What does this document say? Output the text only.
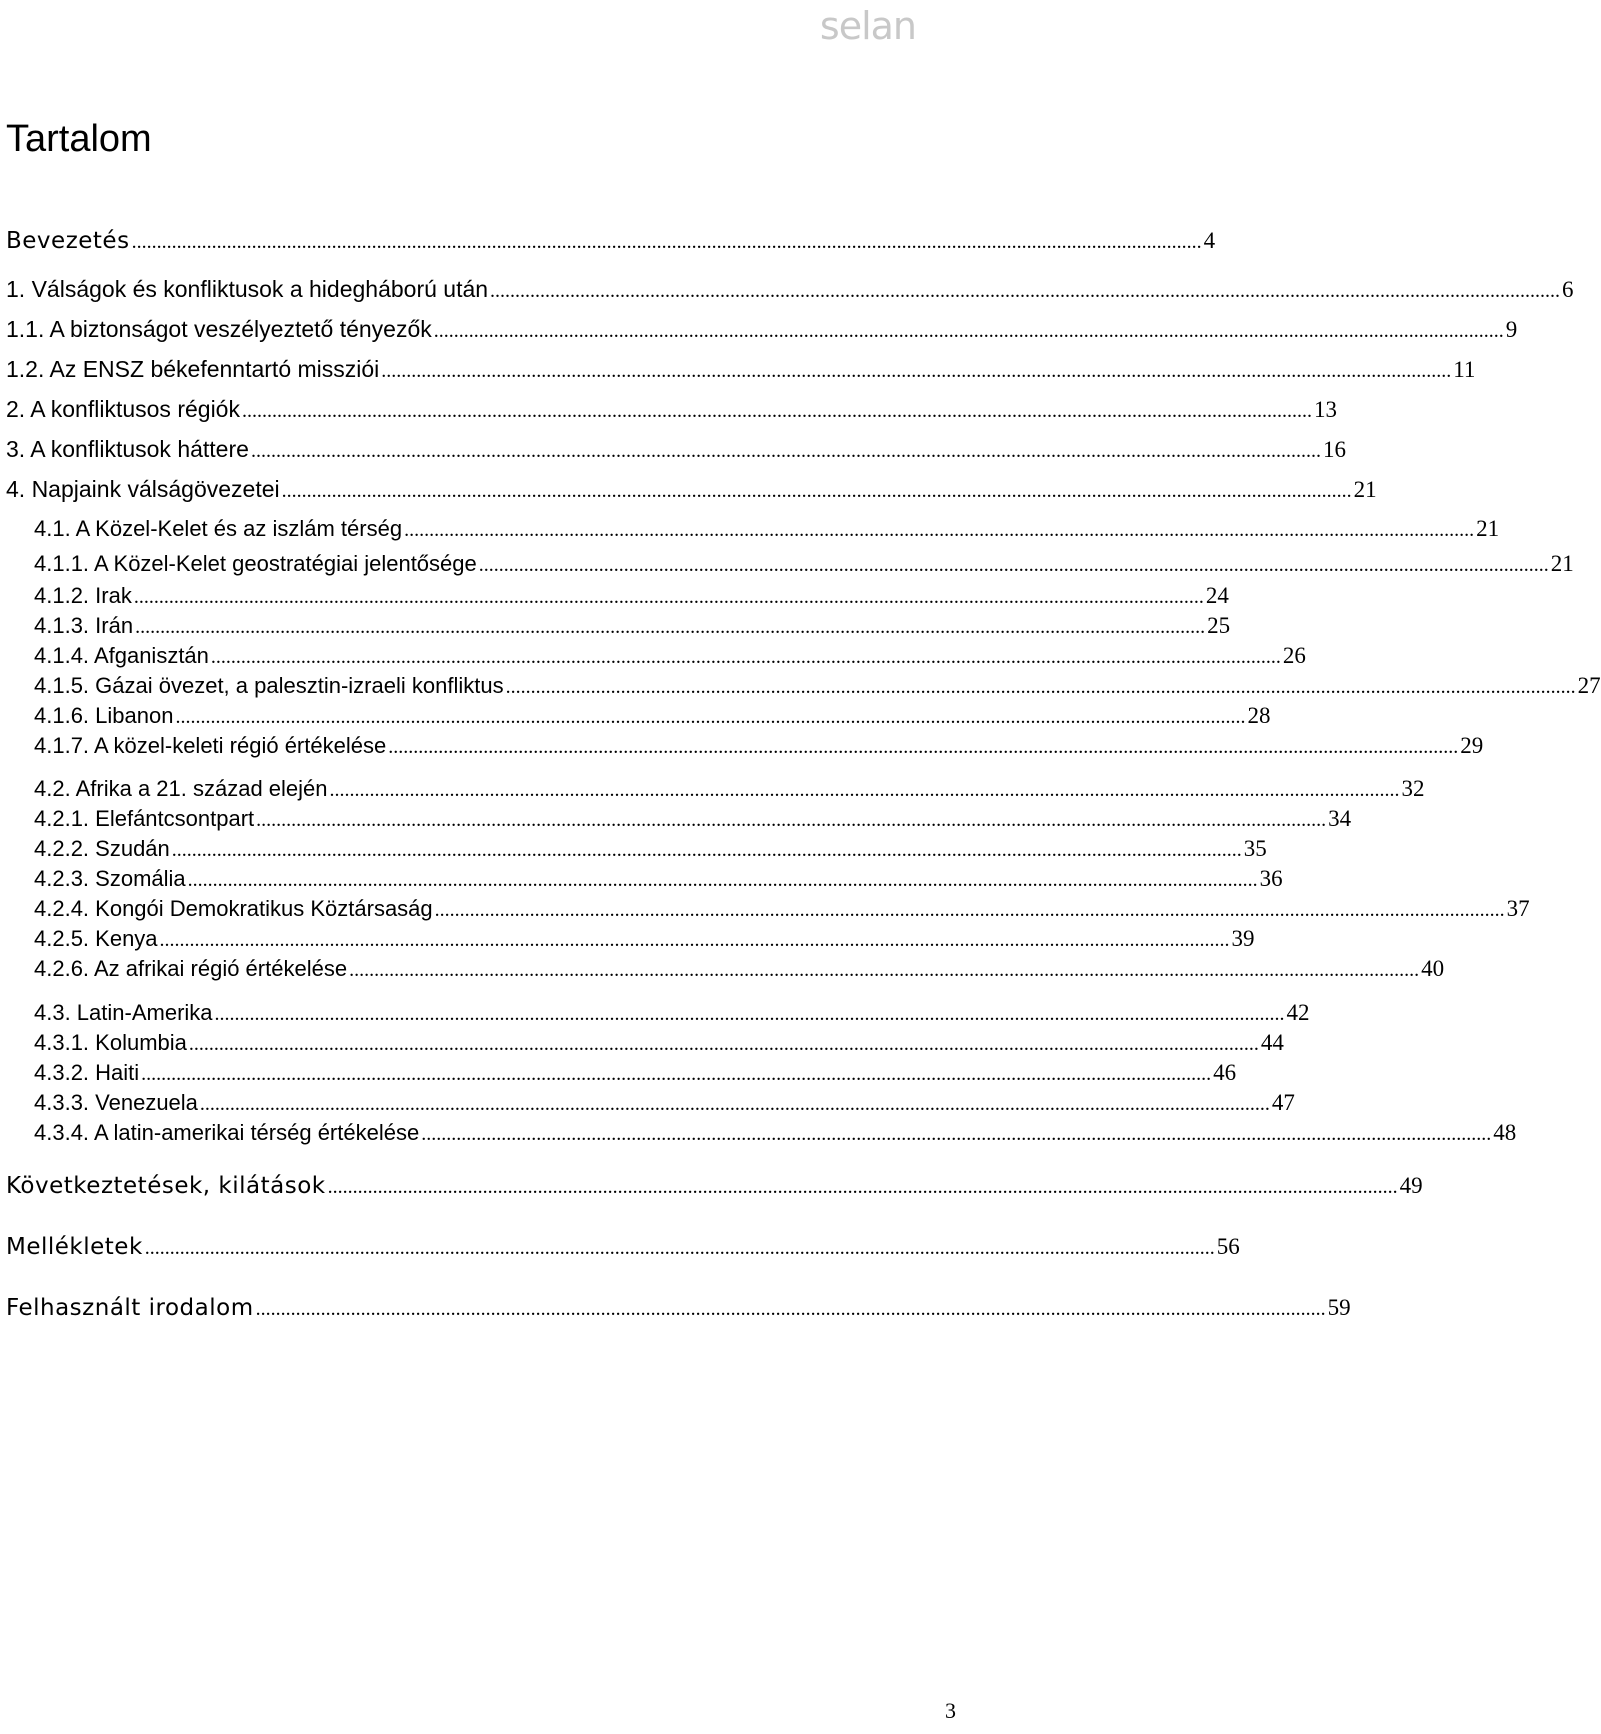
selan
Tartalom
Bevezetés .....	4
1. Válságok és konfliktusok a hidegháború után .....	6
1.1. A biztonságot veszélyeztető tényezők .....	9
1.2. Az ENSZ békefenntartó missziói .....	11
2. A konfliktusos régiók .....	13
3. A konfliktusok háttere .....	16
4. Napjaink válságövezetei .....	21
4.1. A Közel-Kelet és az iszlám térség .....	21
4.1.1. A Közel-Kelet geostratégiai jelentősége .....	21
4.1.2. Irak .....	24
4.1.3. Irán .....	25
4.1.4. Afganisztán .....	26
4.1.5. Gázai övezet, a palesztin-izraeli konfliktus .....	27
4.1.6. Libanon .....	28
4.1.7. A közel-keleti régió értékelése .....	29
4.2. Afrika a 21. század elején .....	32
4.2.1. Elefántcsontpart .....	34
4.2.2. Szudán .....	35
4.2.3. Szomália .....	36
4.2.4. Kongói Demokratikus Köztársaság .....	37
4.2.5. Kenya .....	39
4.2.6. Az afrikai régió értékelése .....	40
4.3. Latin-Amerika .....	42
4.3.1. Kolumbia .....	44
4.3.2. Haiti .....	46
4.3.3. Venezuela .....	47
4.3.4. A latin-amerikai térség értékelése .....	48
Következtetések, kilátások .....	49
Mellékletek .....	56
Felhasznált irodalom .....	59
3
